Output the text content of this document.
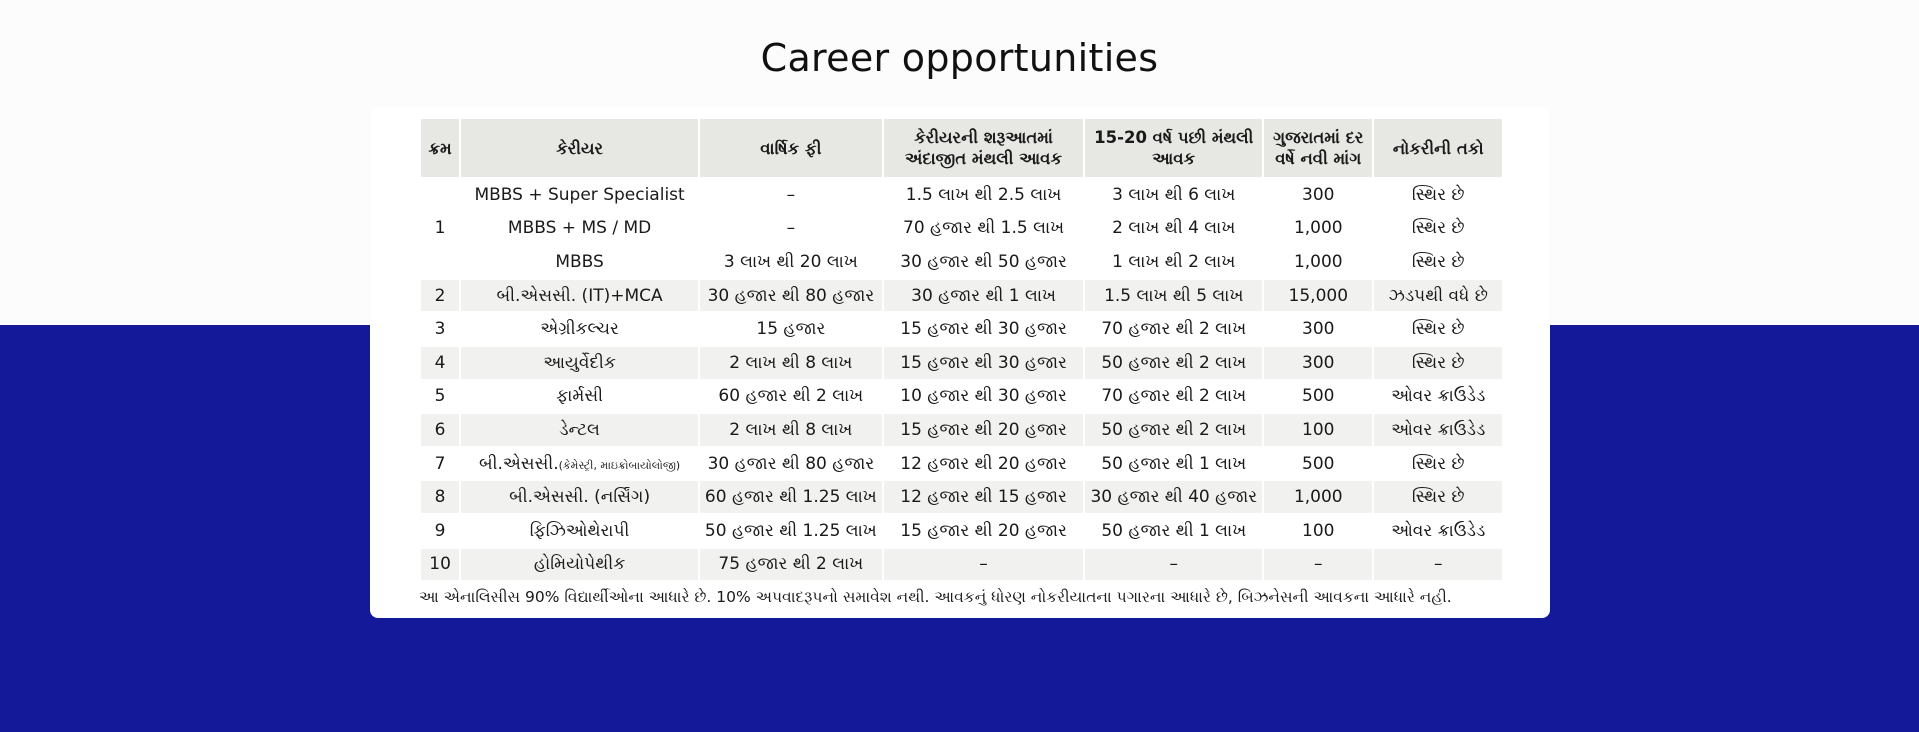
Career opportunities
ક્રમ	કેરીયર	વાર્ષિક ફી	કેરીયરની શરૂઆતમાં અંદાજીત મંથલી આવક	15-20 વર્ષ પછી મંથલી આવક	ગુજરાતમાં દર વર્ષે નવી માંગ	નોકરીની તકો
1	MBBS + Super Specialist	–	1.5 લાખ થી 2.5 લાખ	3 લાખ થી 6 લાખ	300	સ્થિર છે
	MBBS + MS / MD	–	70 હજાર થી 1.5 લાખ	2 લાખ થી 4 લાખ	1,000	સ્થિર છે
	MBBS	3 લાખ થી 20 લાખ	30 હજાર થી 50 હજાર	1 લાખ થી 2 લાખ	1,000	સ્થિર છે
2	બી.એસસી. (IT)+MCA	30 હજાર થી 80 હજાર	30 હજાર થી 1 લાખ	1.5 લાખ થી 5 લાખ	15,000	ઝડપથી વધે છે
3	એગ્રીકલ્ચર	15 હજાર	15 હજાર થી 30 હજાર	70 હજાર થી 2 લાખ	300	સ્થિર છે
4	આયુર્વેદીક	2 લાખ થી 8 લાખ	15 હજાર થી 30 હજાર	50 હજાર થી 2 લાખ	300	સ્થિર છે
5	ફાર્મસી	60 હજાર થી 2 લાખ	10 હજાર થી 30 હજાર	70 હજાર થી 2 લાખ	500	ઓવર ક્રાઉડેડ
6	ડેન્ટલ	2 લાખ થી 8 લાખ	15 હજાર થી 20 હજાર	50 હજાર થી 2 લાખ	100	ઓવર ક્રાઉડેડ
7	બી.એસસી.(કેમેસ્ટ્રી, માઇક્રોબાયોલોજી)	30 હજાર થી 80 હજાર	12 હજાર થી 20 હજાર	50 હજાર થી 1 લાખ	500	સ્થિર છે
8	બી.એસસી. (નર્સિંગ)	60 હજાર થી 1.25 લાખ	12 હજાર થી 15 હજાર	30 હજાર થી 40 હજાર	1,000	સ્થિર છે
9	ફિઝિઓથેરાપી	50 હજાર થી 1.25 લાખ	15 હજાર થી 20 હજાર	50 હજાર થી 1 લાખ	100	ઓવર ક્રાઉડેડ
10	હોમિયોપેથીક	75 હજાર થી 2 લાખ	–	–	–	–
આ એનાલિસીસ 90% વિદ્યાર્થીઓના આધારે છે. 10% અપવાદરૂપનો સમાવેશ નથી. આવકનું ધોરણ નોકરીયાતના પગારના આધારે છે, બિઝનેસની આવકના આધારે નહી.
